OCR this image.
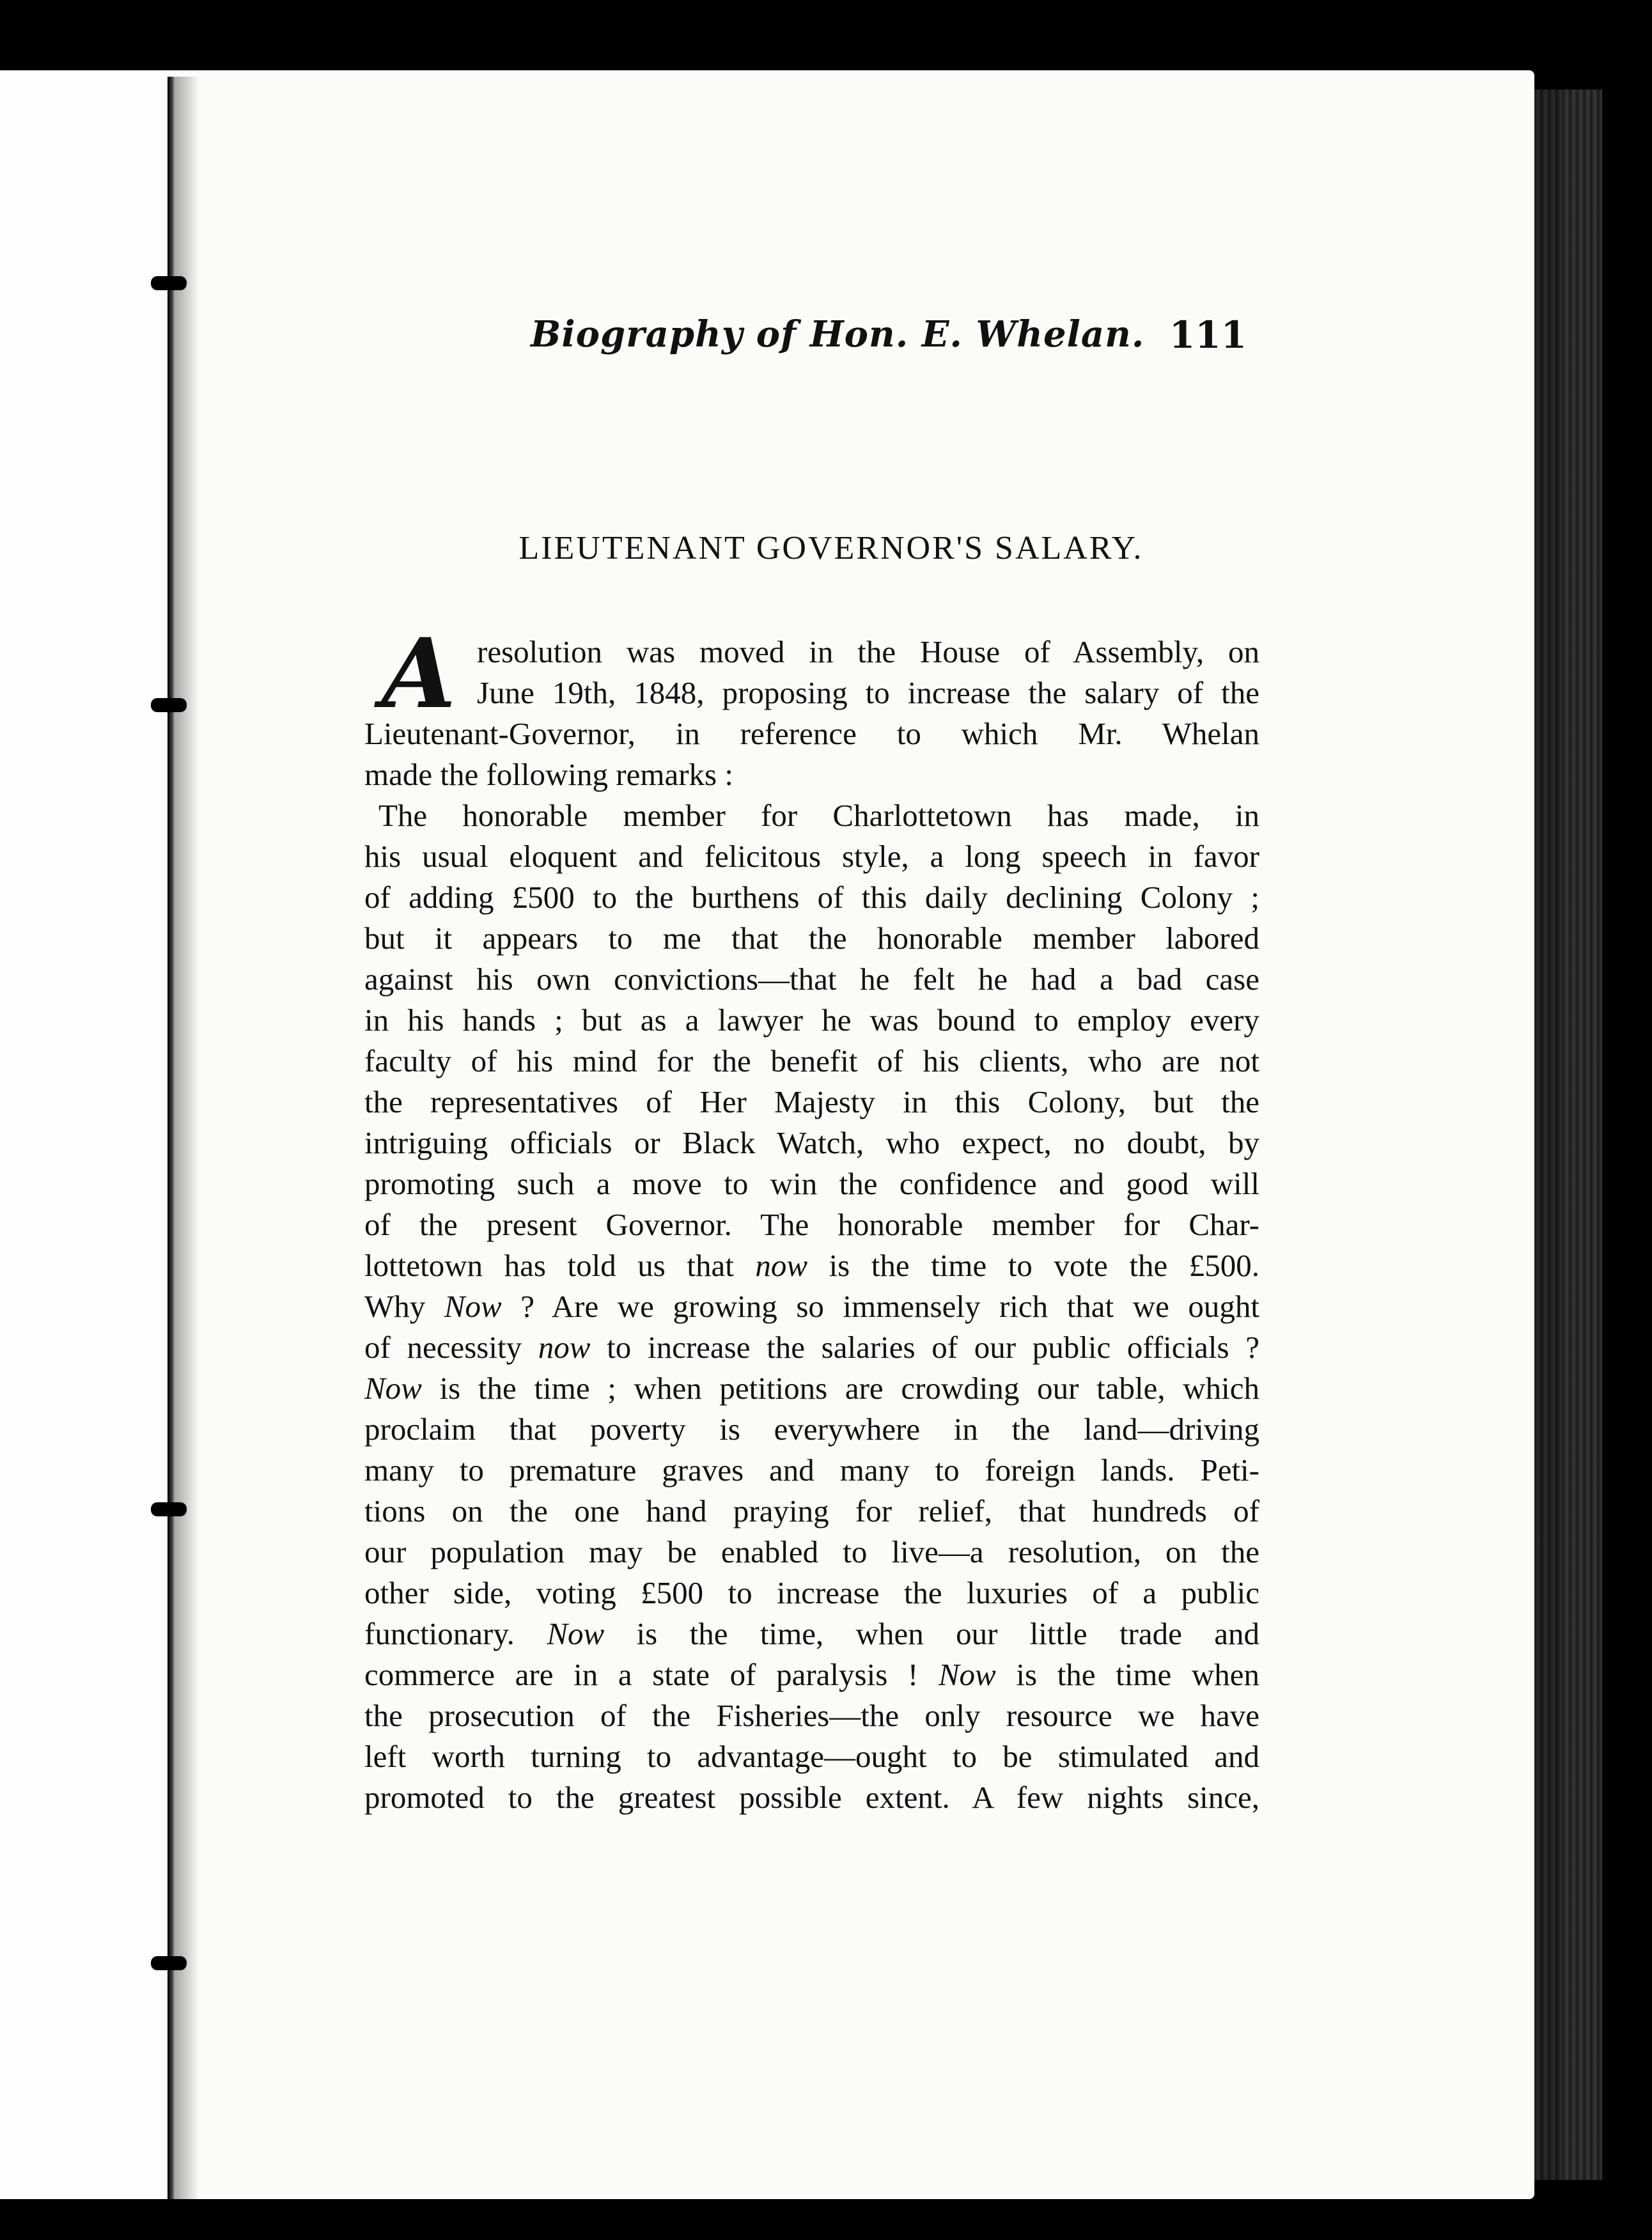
Biography of Hon. E. Whelan. 111
LIEUTENANT GOVERNOR'S SALARY.
A resolution was moved in the House of Assembly, on
June 19th, 1848, proposing to increase the salary of the
Lieutenant-Governor, in reference to which Mr. Whelan
made the following remarks :
The honorable member for Charlottetown has made, in
his usual eloquent and felicitous style, a long speech in favor
of adding £500 to the burthens of this daily declining Colony ;
but it appears to me that the honorable member labored
against his own convictions—that he felt he had a bad case
in his hands ; but as a lawyer he was bound to employ every
faculty of his mind for the benefit of his clients, who are not
the representatives of Her Majesty in this Colony, but the
intriguing officials or Black Watch, who expect, no doubt, by
promoting such a move to win the confidence and good will
of the present Governor. The honorable member for Char-
lottetown has told us that now is the time to vote the £500.
Why Now ? Are we growing so immensely rich that we ought
of necessity now to increase the salaries of our public officials ?
Now is the time ; when petitions are crowding our table, which
proclaim that poverty is everywhere in the land—driving
many to premature graves and many to foreign lands. Peti-
tions on the one hand praying for relief, that hundreds of
our population may be enabled to live—a resolution, on the
other side, voting £500 to increase the luxuries of a public
functionary. Now is the time, when our little trade and
commerce are in a state of paralysis ! Now is the time when
the prosecution of the Fisheries—the only resource we have
left worth turning to advantage—ought to be stimulated and
promoted to the greatest possible extent. A few nights since,
